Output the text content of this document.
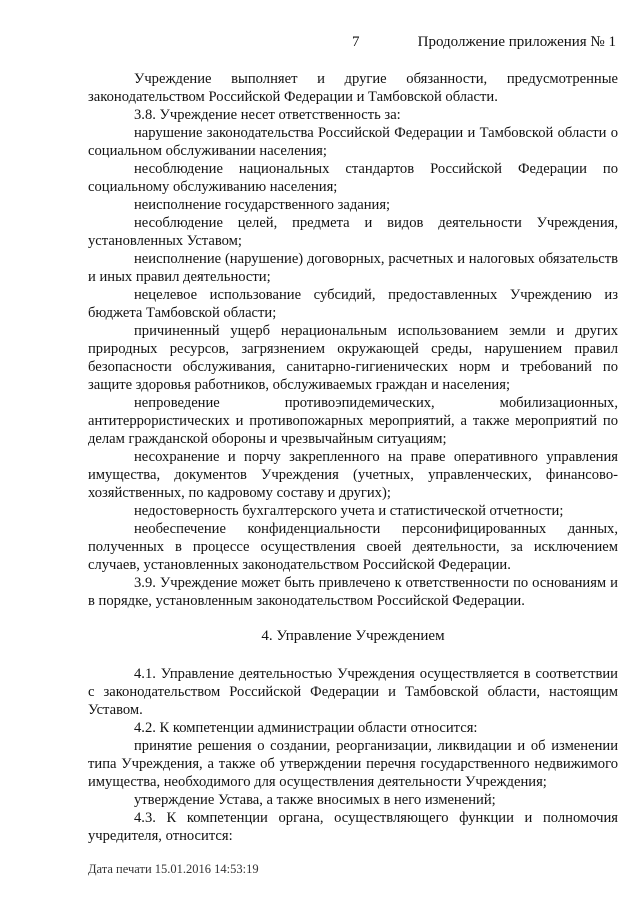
7	Продолжение приложения № 1

Учреждение выполняет и другие обязанности, предусмотренные законодательством Российской Федерации и Тамбовской области.

3.8. Учреждение несет ответственность за:

нарушение законодательства Российской Федерации и Тамбовской области о социальном обслуживании населения;

несоблюдение национальных стандартов Российской Федерации по социальному обслуживанию населения;

неисполнение государственного задания;

несоблюдение целей, предмета и видов деятельности Учреждения, установленных Уставом;

неисполнение (нарушение) договорных, расчетных и налоговых обязательств и иных правил деятельности;

нецелевое использование субсидий, предоставленных Учреждению из бюджета Тамбовской области;

причиненный ущерб нерациональным использованием земли и других природных ресурсов, загрязнением окружающей среды, нарушением правил безопасности обслуживания, санитарно-гигиенических норм и требований по защите здоровья работников, обслуживаемых граждан и населения;

непроведение противоэпидемических, мобилизационных, антитеррористических и противопожарных мероприятий, а также мероприятий по делам гражданской обороны и чрезвычайным ситуациям;

несохранение и порчу закрепленного на праве оперативного управления имущества, документов Учреждения (учетных, управленческих, финансово-хозяйственных, по кадровому составу и других);

недостоверность бухгалтерского учета и статистической отчетности;

необеспечение конфиденциальности персонифицированных данных, полученных в процессе осуществления своей деятельности, за исключением случаев, установленных законодательством Российской Федерации.

3.9. Учреждение может быть привлечено к ответственности по основаниям и в порядке, установленным законодательством Российской Федерации.

4. Управление Учреждением

4.1. Управление деятельностью Учреждения осуществляется в соответствии с законодательством Российской Федерации и Тамбовской области, настоящим Уставом.

4.2. К компетенции администрации области относится:

принятие решения о создании, реорганизации, ликвидации и об изменении типа Учреждения, а также об утверждении перечня государственного недвижимого имущества, необходимого для осуществления деятельности Учреждения;

утверждение Устава, а также вносимых в него изменений;

4.3. К компетенции органа, осуществляющего функции и полномочия учредителя, относится:

Дата печати 15.01.2016 14:53:19
